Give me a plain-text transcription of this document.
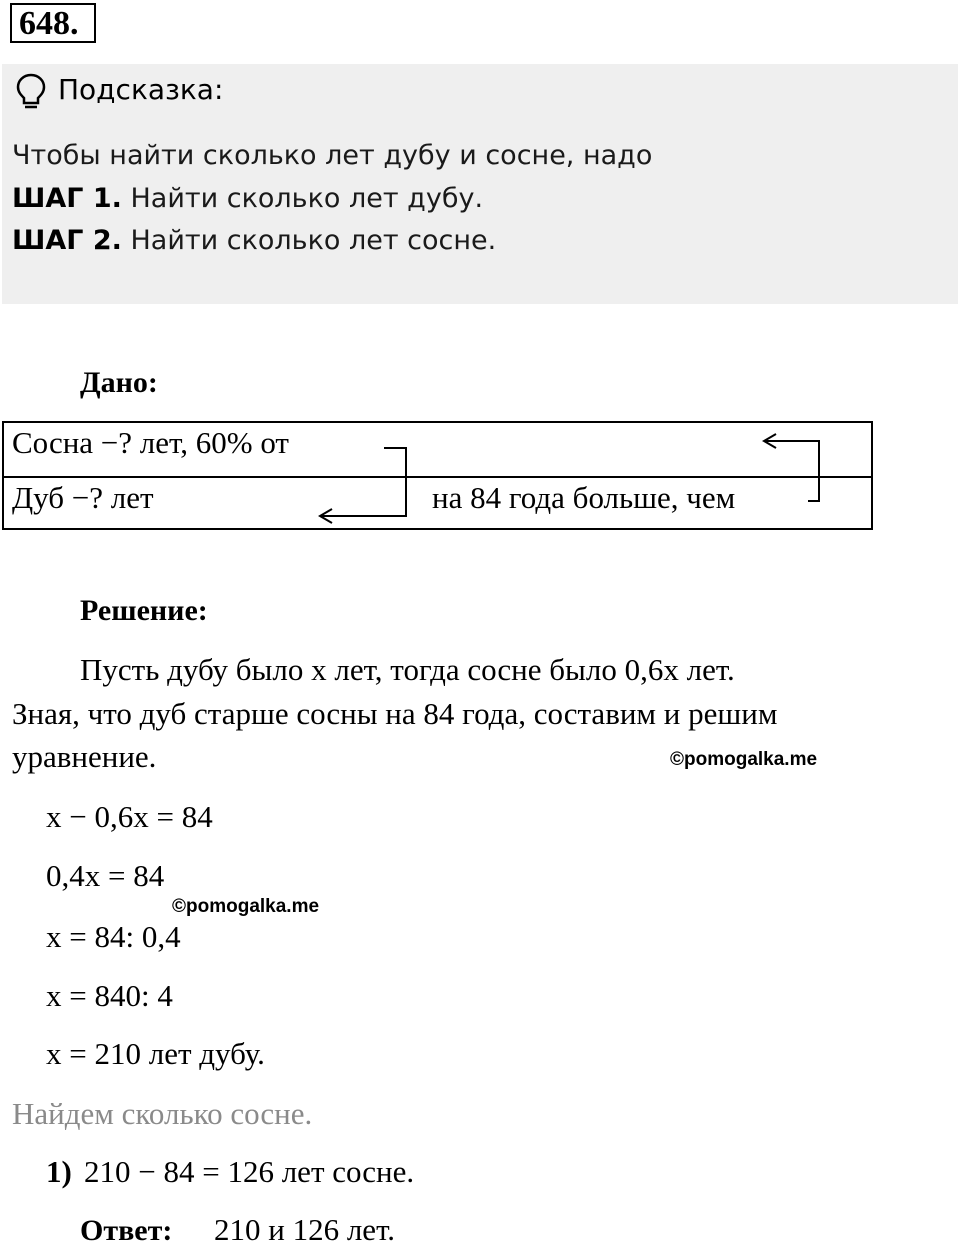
648.
Подсказка:
Чтобы найти сколько лет дубу и сосне, надо
ШАГ 1. Найти сколько лет дубу.
ШАГ 2. Найти сколько лет сосне.
Дано:
Сосна −? лет, 60% от
Дуб −? лет	на 84 года больше, чем
Решение:
Пусть дубу было x лет, тогда сосне было 0,6x лет.
Зная, что дуб старше сосны на 84 года, составим и решим
уравнение.	©pomogalka.me
x − 0,6x = 84
0,4x = 84
©pomogalka.me
x = 84: 0,4
x = 840: 4
x = 210 лет дубу.
Найдем сколько сосне.
1) 210 − 84 = 126 лет сосне.
Ответ: 210 и 126 лет.
